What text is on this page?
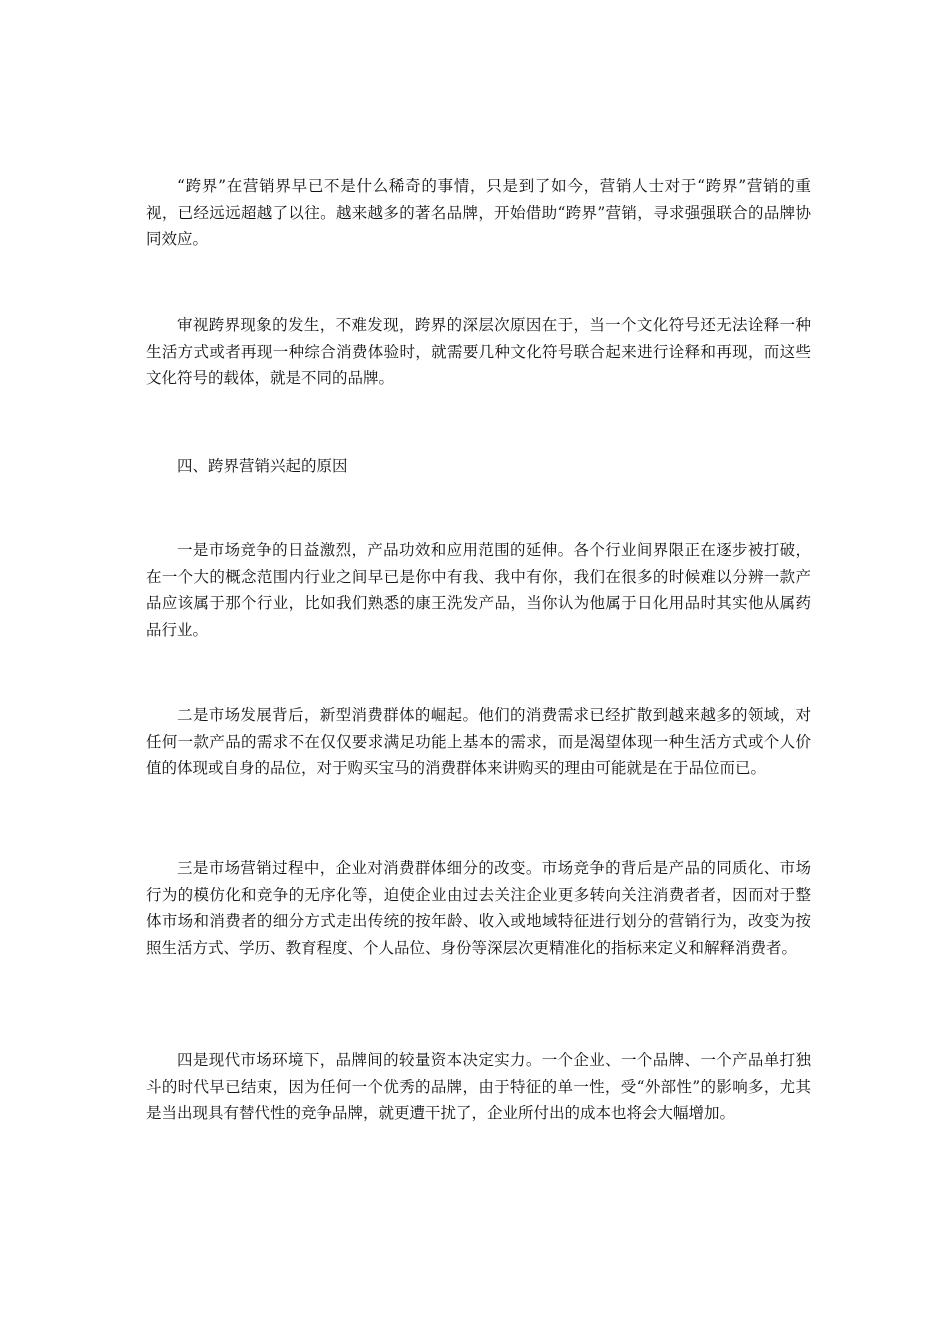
“跨界”在营销界早已不是什么稀奇的事情，只是到了如今，营销人士对于“跨界”营销的重视，已经远远超越了以往。越来越多的著名品牌，开始借助“跨界”营销，寻求强强联合的品牌协同效应。

审视跨界现象的发生，不难发现，跨界的深层次原因在于，当一个文化符号还无法诠释一种生活方式或者再现一种综合消费体验时，就需要几种文化符号联合起来进行诠释和再现，而这些文化符号的载体，就是不同的品牌。

四、跨界营销兴起的原因

一是市场竞争的日益激烈，产品功效和应用范围的延伸。各个行业间界限正在逐步被打破，在一个大的概念范围内行业之间早已是你中有我、我中有你，我们在很多的时候难以分辨一款产品应该属于那个行业，比如我们熟悉的康王洗发产品，当你认为他属于日化用品时其实他从属药品行业。

二是市场发展背后，新型消费群体的崛起。他们的消费需求已经扩散到越来越多的领域，对任何一款产品的需求不在仅仅要求满足功能上基本的需求，而是渴望体现一种生活方式或个人价值的体现或自身的品位，对于购买宝马的消费群体来讲购买的理由可能就是在于品位而已。

三是市场营销过程中，企业对消费群体细分的改变。市场竞争的背后是产品的同质化、市场行为的模仿化和竞争的无序化等，迫使企业由过去关注企业更多转向关注消费者者，因而对于整体市场和消费者的细分方式走出传统的按年龄、收入或地域特征进行划分的营销行为，改变为按照生活方式、学历、教育程度、个人品位、身份等深层次更精准化的指标来定义和解释消费者。

四是现代市场环境下，品牌间的较量资本决定实力。一个企业、一个品牌、一个产品单打独斗的时代早已结束，因为任何一个优秀的品牌，由于特征的单一性，受“外部性”的影响多，尤其是当出现具有替代性的竞争品牌，就更遭干扰了，企业所付出的成本也将会大幅增加。
